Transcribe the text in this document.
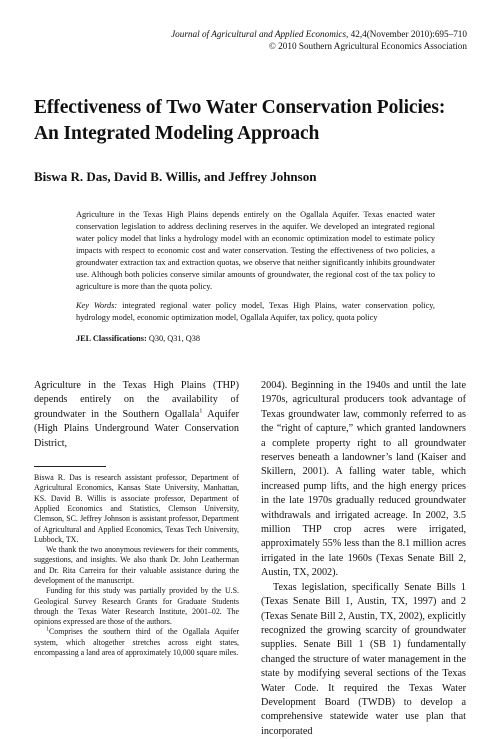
Journal of Agricultural and Applied Economics, 42,4(November 2010):695–710
© 2010 Southern Agricultural Economics Association
Effectiveness of Two Water Conservation Policies: An Integrated Modeling Approach
Biswa R. Das, David B. Willis, and Jeffrey Johnson

Agriculture in the Texas High Plains depends entirely on the Ogallala Aquifer. Texas enacted water conservation legislation to address declining reserves in the aquifer. We developed an integrated regional water policy model that links a hydrology model with an economic optimization model to estimate policy impacts with respect to economic cost and water conservation. Testing the effectiveness of two policies, a groundwater extraction tax and extraction quotas, we observe that neither significantly inhibits groundwater use. Although both policies conserve similar amounts of groundwater, the regional cost of the tax policy to agriculture is more than the quota policy.

Key Words: integrated regional water policy model, Texas High Plains, water conservation policy, hydrology model, economic optimization model, Ogallala Aquifer, tax policy, quota policy

JEL Classifications: Q30, Q31, Q38

Agriculture in the Texas High Plains (THP) depends entirely on the availability of groundwater in the Southern Ogallala$^1$ Aquifer (High Plains Underground Water Conservation District,

Biswa R. Das is research assistant professor, Department of Agricultural Economics, Kansas State University, Manhattan, KS. David B. Willis is associate professor, Department of Applied Economics and Statistics, Clemson University, Clemson, SC. Jeffrey Johnson is assistant professor, Department of Agricultural and Applied Economics, Texas Tech University, Lubbock, TX.

We thank the two anonymous reviewers for their comments, suggestions, and insights. We also thank Dr. John Leatherman and Dr. Rita Carreira for their valuable assistance during the development of the manuscript.

Funding for this study was partially provided by the U.S. Geological Survey Research Grants for Graduate Students through the Texas Water Research Institute, 2001–02. The opinions expressed are those of the authors.

$^1$Comprises the southern third of the Ogallala Aquifer system, which altogether stretches across eight states, encompassing a land area of approximately 10,000 square miles.

2004). Beginning in the 1940s and until the late 1970s, agricultural producers took advantage of Texas groundwater law, commonly referred to as the “right of capture,” which granted landowners a complete property right to all groundwater reserves beneath a landowner’s land (Kaiser and Skillern, 2001). A falling water table, which increased pump lifts, and the high energy prices in the late 1970s gradually reduced groundwater withdrawals and irrigated acreage. In 2002, 3.5 million THP crop acres were irrigated, approximately 55% less than the 8.1 million acres irrigated in the late 1960s (Texas Senate Bill 2, Austin, TX, 2002).

Texas legislation, specifically Senate Bills 1 (Texas Senate Bill 1, Austin, TX, 1997) and 2 (Texas Senate Bill 2, Austin, TX, 2002), explicitly recognized the growing scarcity of groundwater supplies. Senate Bill 1 (SB 1) fundamentally changed the structure of water management in the state by modifying several sections of the Texas Water Code. It required the Texas Water Development Board (TWDB) to develop a comprehensive statewide water use plan that incorporated
